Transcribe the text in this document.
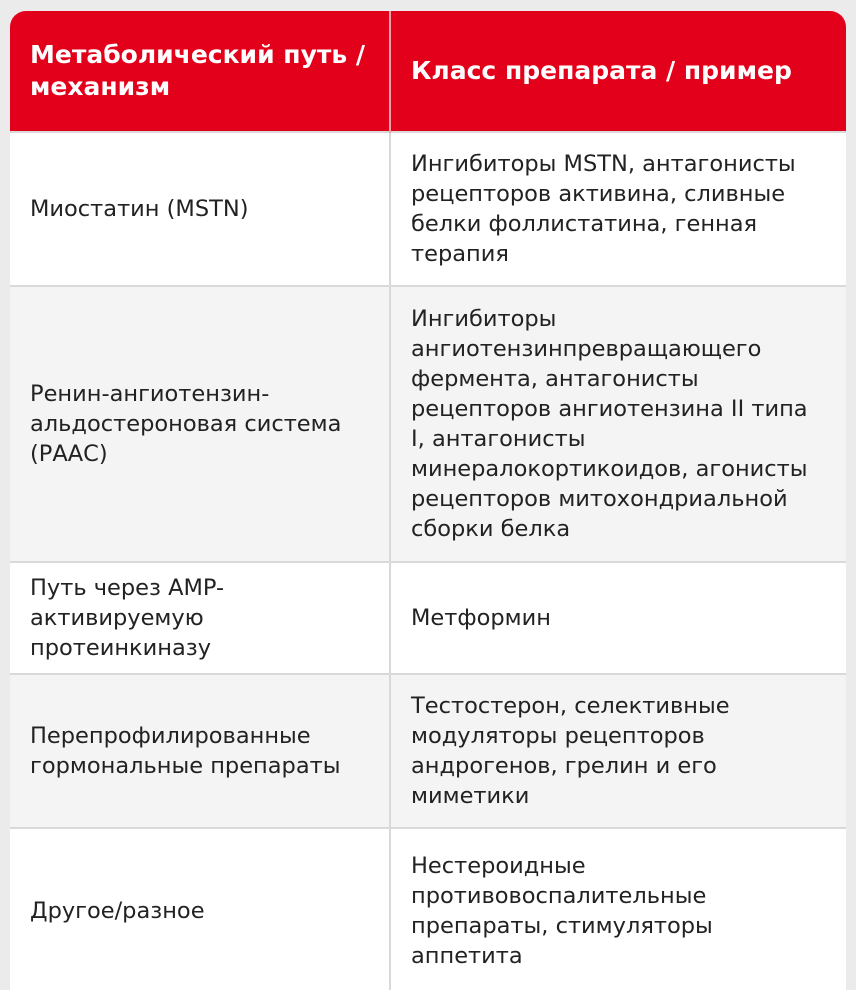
Метаболический путь / механизм	Класс препарата / пример
Миостатин (MSTN)	Ингибиторы MSTN, антагонисты рецепторов активина, сливные белки фоллистатина, генная терапия
Ренин-ангиотензин-альдостероновая система (РААС)	Ингибиторы ангиотензинпревращающего фермента, антагонисты рецепторов ангиотензина II типа I, антагонисты минералокортикоидов, агонисты рецепторов митохондриальной сборки белка
Путь через AMP-активируемую протеинкиназу	Метформин
Перепрофилированные гормональные препараты	Тестостерон, селективные модуляторы рецепторов андрогенов, грелин и его миметики
Другое/разное	Нестероидные противовоспалительные препараты, стимуляторы аппетита
